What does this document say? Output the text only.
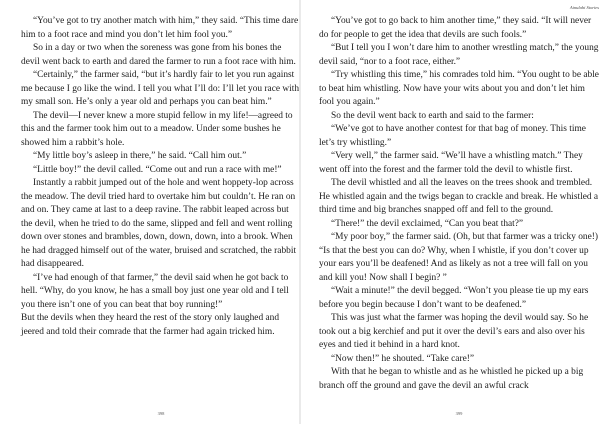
“You’ve got to try another match with him,” they said. “This time dare him to a foot race and mind you don’t let him fool you.”

So in a day or two when the soreness was gone from his bones the devil went back to earth and dared the farmer to run a foot race with him.

“Certainly,” the farmer said, “but it’s hardly fair to let you run against me because I go like the wind. I tell you what I’ll do: I’ll let you race with my small son. He’s only a year old and perhaps you can beat him.”

The devil—I never knew a more stupid fellow in my life!—agreed to this and the farmer took him out to a meadow. Under some bushes he showed him a rabbit’s hole.

“My little boy’s asleep in there,” he said. “Call him out.”

“Little boy!” the devil called. “Come out and run a race with me!”

Instantly a rabbit jumped out of the hole and went hoppety-lop across the meadow. The devil tried hard to overtake him but couldn’t. He ran on and on. They came at last to a deep ravine. The rabbit leaped across but the devil, when he tried to do the same, slipped and fell and went rolling down over stones and brambles, down, down, down, into a brook. When he had dragged himself out of the water, bruised and scratched, the rabbit had disappeared.

“I’ve had enough of that farmer,” the devil said when he got back to hell. “Why, do you know, he has a small boy just one year old and I tell you there isn’t one of you can beat that boy running!”

But the devils when they heard the rest of the story only laughed and jeered and told their comrade that the farmer had again tricked him.

398
Ainulahi Stories

“You’ve got to go back to him another time,” they said. “It will never do for people to get the idea that devils are such fools.”

“But I tell you I won’t dare him to another wrestling match,” the young devil said, “nor to a foot race, either.”

“Try whistling this time,” his comrades told him. “You ought to be able to beat him whistling. Now have your wits about you and don’t let him fool you again.”

So the devil went back to earth and said to the farmer:

“We’ve got to have another contest for that bag of money. This time let’s try whistling.”

“Very well,” the farmer said. “We’ll have a whistling match.” They went off into the forest and the farmer told the devil to whistle first.

The devil whistled and all the leaves on the trees shook and trembled. He whistled again and the twigs began to crackle and break. He whistled a third time and big branches snapped off and fell to the ground.

“There!” the devil exclaimed, “Can you beat that?”

“My poor boy,” the farmer said. (Oh, but that farmer was a tricky one!) “Is that the best you can do? Why, when I whistle, if you don’t cover up your ears you’ll be deafened! And as likely as not a tree will fall on you and kill you! Now shall I begin? ”

“Wait a minute!” the devil begged. “Won’t you please tie up my ears before you begin because I don’t want to be deafened.”

This was just what the farmer was hoping the devil would say. So he took out a big kerchief and put it over the devil’s ears and also over his eyes and tied it behind in a hard knot.

“Now then!” he shouted. “Take care!”

With that he began to whistle and as he whistled he picked up a big branch off the ground and gave the devil an awful crack

399
